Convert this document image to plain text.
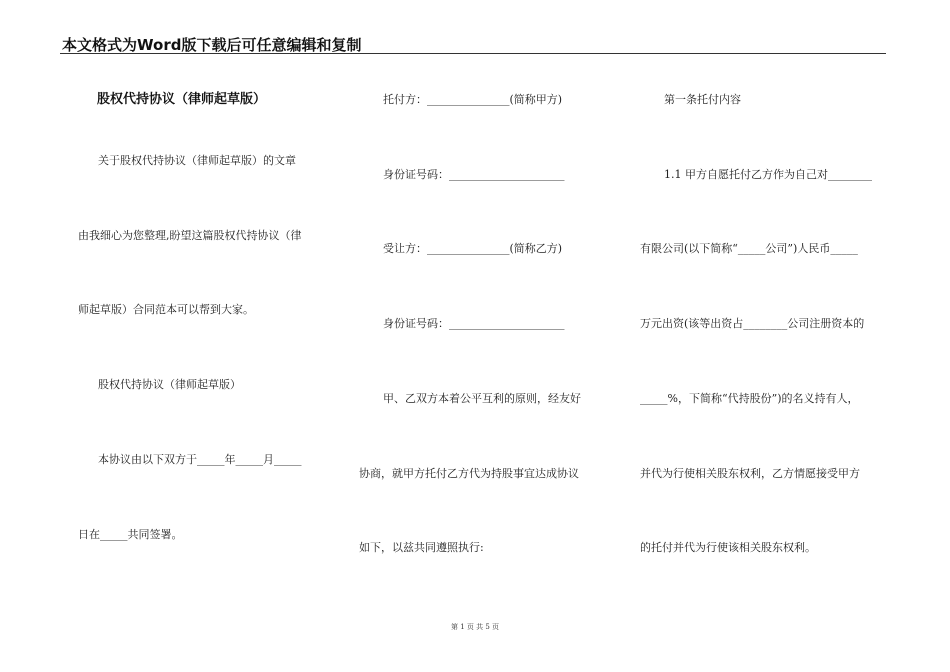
本文格式为Word版下载后可任意编辑和复制
股权代持协议（律师起草版）
关于股权代持协议（律师起草版）的文章
由我细心为您整理,盼望这篇股权代持协议（律
师起草版）合同范本可以帮到大家。
股权代持协议（律师起草版）
本协议由以下双方于_____年_____月_____
日在_____共同签署。
托付方：_______________(简称甲方)
身份证号码：_____________________
受让方：_______________(简称乙方)
身份证号码：_____________________
甲、乙双方本着公平互利的原则，经友好
协商，就甲方托付乙方代为持股事宜达成协议
如下，以兹共同遵照执行:
第一条托付内容
1.1 甲方自愿托付乙方作为自己对________
有限公司(以下简称“_____公司”)人民币_____
万元出资(该等出资占________公司注册资本的
_____%，下简称“代持股份”)的名义持有人，
并代为行使相关股东权利，乙方情愿接受甲方
的托付并代为行使该相关股东权利。
第 1 页 共 5 页
